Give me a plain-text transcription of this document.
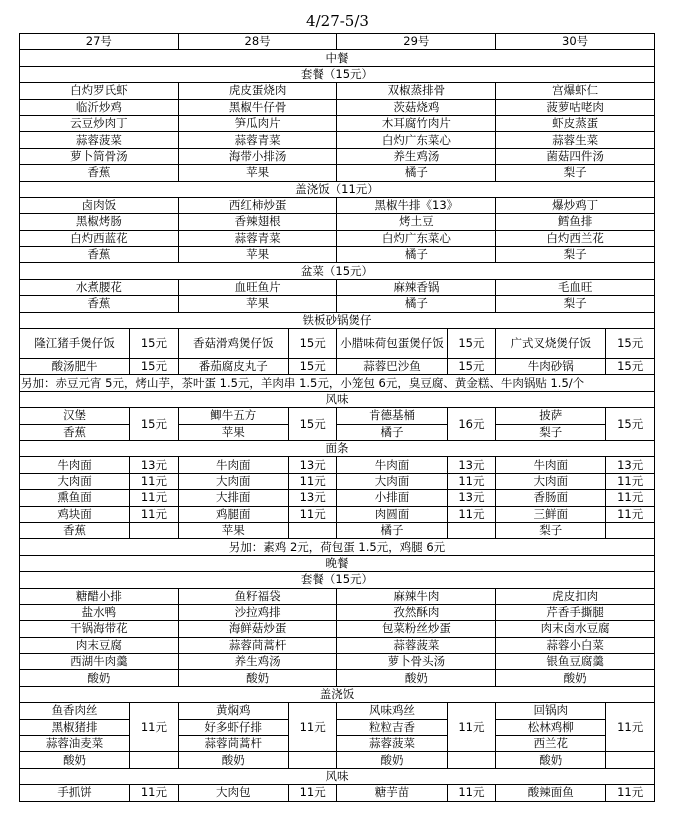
4/27-5/3
27号		28号		29号		30号	
中餐							
套餐（15元）							
白灼罗氏虾		虎皮蛋烧肉		双椒蒸排骨		宫爆虾仁	
临沂炒鸡		黑椒牛仔骨		茨菇烧鸡		菠萝咕咾肉	
云豆炒肉丁		笋瓜肉片		木耳腐竹肉片		虾皮蒸蛋	
蒜蓉菠菜		蒜蓉青菜		白灼广东菜心		蒜蓉生菜	
萝卜筒骨汤		海带小排汤		养生鸡汤		菌菇四件汤	
香蕉		苹果		橘子		梨子	
盖浇饭（11元）							
卤肉饭		西红柿炒蛋		黑椒牛排《13》		爆炒鸡丁	
黑椒烤肠		香辣翅根		烤土豆		鳕鱼排	
白灼西蓝花		蒜蓉青菜		白灼广东菜心		白灼西兰花	
香蕉		苹果		橘子		梨子	
盆菜（15元）							
水煮腰花		血旺鱼片		麻辣香锅		毛血旺	
香蕉		苹果		橘子		梨子	
铁板砂锅煲仔							
隆江猪手煲仔饭	15元	香菇滑鸡煲仔饭	15元	小腊味荷包蛋煲仔饭	15元	广式叉烧煲仔饭	15元
酸汤肥牛	15元	番茄腐皮丸子	15元	蒜蓉巴沙鱼	15元	牛肉砂锅	15元
另加：赤豆元宵 5元，烤山芋，茶叶蛋 1.5元，羊肉串 1.5元，小笼包 6元，臭豆腐、黄金糕、牛肉锅贴 1.5/个							
风味							
汉堡	15元	鲫牛五方	15元	肯德基桶	16元	披萨	15元
香蕉		苹果		橘子		梨子	
面条							
牛肉面	13元	牛肉面	13元	牛肉面	13元	牛肉面	13元
大肉面	11元	大肉面	11元	大肉面	11元	大肉面	11元
熏鱼面	11元	大排面	13元	小排面	13元	香肠面	11元
鸡块面	11元	鸡腿面	11元	肉圆面	11元	三鲜面	11元
香蕉		苹果		橘子		梨子	
另加：素鸡 2元，荷包蛋 1.5元，鸡腿 6元							
晚餐							
套餐（15元）							
糖醋小排		鱼籽福袋		麻辣牛肉		虎皮扣肉	
盐水鸭		沙拉鸡排		孜然酥肉		芹香手撕腿	
干锅海带花		海鲜菇炒蛋		包菜粉丝炒蛋		肉末卤水豆腐	
肉末豆腐		蒜蓉茼蒿杆		蒜蓉菠菜		蒜蓉小白菜	
西湖牛肉羹		养生鸡汤		萝卜骨头汤		银鱼豆腐羹	
酸奶		酸奶		酸奶		酸奶	
盖浇饭							
鱼香肉丝	11元	黄焖鸡	11元	风味鸡丝	11元	回锅肉	11元
黑椒猪排		好多虾仔排		粒粒吉香		松林鸡柳	
蒜蓉油麦菜		蒜蓉茼蒿杆		蒜蓉菠菜		西兰花	
酸奶		酸奶		酸奶		酸奶	
风味							
手抓饼	11元	大肉包	11元	糖芋苗	11元	酸辣面鱼	11元
